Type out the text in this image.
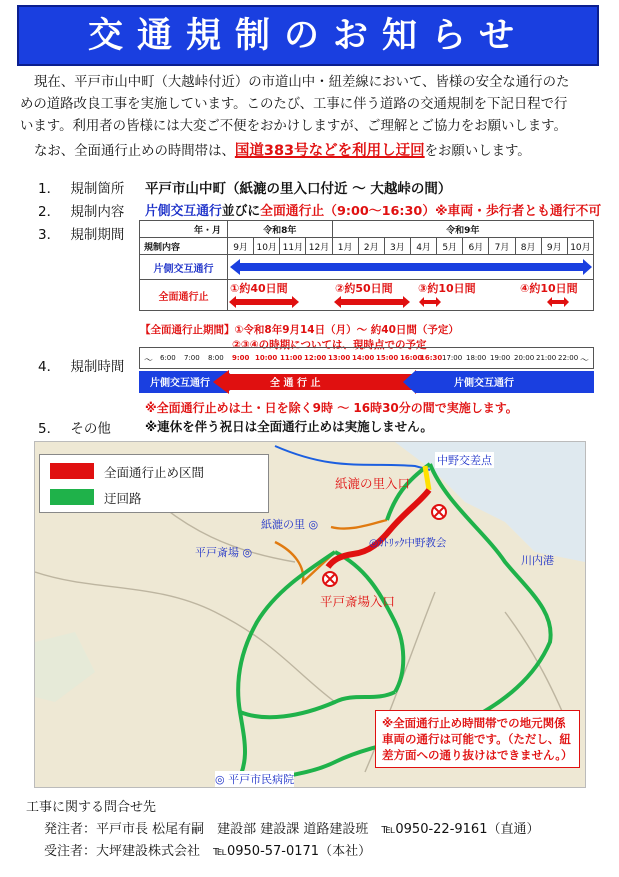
交通規制のお知らせ

現在、平戸市山中町（大越峠付近）の市道山中・紐差線において、皆様の安全な通行のた

めの道路改良工事を実施しています。このたび、工事に伴う道路の交通規制を下記日程で行

います。利用者の皆様には大変ご不便をおかけしますが、ご理解とご協力をお願いします。

なお、全面通行止めの時間帯は、国道383号などを利用し迂回をお願いします。

1． 規制箇所 平戸市山中町（紙漉の里入口付近 ～ 大越峠の間）
2． 規制内容 片側交互通行並びに全面通行止（9:00～16:30）※車両・歩行者とも通行不可
3． 規制期間	年・月	令和8年				令和9年									
規制内容	9月	10月	11月	12月	1月	2月	3月	4月	5月	6月	7月	8月	9月	10月
片側交互通行	

全面通行止	①約40日間 ②約50日間 ③約10日間 ④約10日間													
【全面通行止期間】①令和8年9月14日（月）～ 約40日間（予定）
②③④の時期については、現時点での予定
4． 規制時間 ～	～
6:00 7:00 8:00 9:00 10:00 11:00 12:00 13:00 14:00 15:00 16:00
16:30 17:00 18:00 19:00 20:00 21:00 22:00
片側交互通行	全 通 行 止	片側交互通行
※全面通行止めは土・日を除く9時 ～ 16時30分の間で実施します。
5． その他	※連休を伴う祝日は全面通行止めは実施しません。
全面通行止め区間
迂回路
中野交差点
紙漉の里入口
紙漉の里 ◎
◎ｶﾄﾘｯｸ中野教会
平戸斎場 ◎
平戸斎場入口
川内港
◎ 平戸市民病院
※全面通行止め時間帯での地元関係車両の通行は可能です。（ただし、紐差方面への通り抜けはできません。）
工事に関する問合せ先
発注者：平戸市長 松尾有嗣　建設部 建設課 道路建設班　℡0950-22-9161（直通）
受注者：大坪建設株式会社　℡0950-57-0171（本社）
